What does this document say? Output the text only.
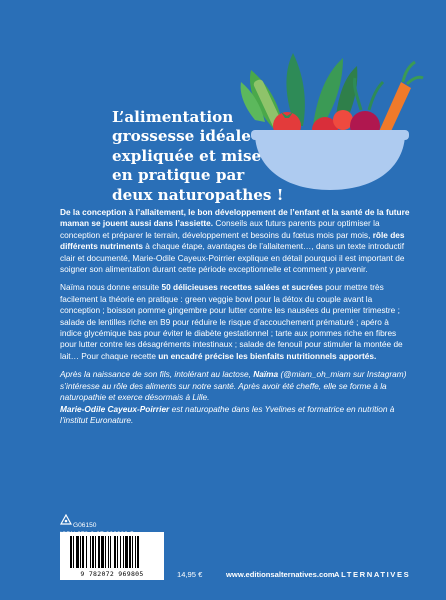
L’alimentation
grossesse idéale
expliquée et mise
en pratique par
deux naturopathes !

De la conception à l’allaitement, le bon développement de l’enfant et la santé de la future maman se jouent aussi dans l’assiette. Conseils aux futurs parents pour optimiser la conception et préparer le terrain, développement et besoins du fœtus mois par mois, rôle des différents nutriments à chaque étape, avantages de l’allaitement…, dans un texte introductif clair et documenté, Marie-Odile Cayeux-Poirrier explique en détail pourquoi il est important de soigner son alimentation durant cette période exceptionnelle et comment y parvenir.

Naïma nous donne ensuite 50 délicieuses recettes salées et sucrées pour mettre très facilement la théorie en pratique : green veggie bowl pour la détox du couple avant la conception ; boisson pomme gingembre pour lutter contre les nausées du premier trimestre ; salade de lentilles riche en B9 pour réduire le risque d’accouchement prématuré ; apéro à indice glycémique bas pour éviter le diabète gestationnel ; tarte aux pommes riche en fibres pour lutter contre les désagréments intestinaux ; salade de fenouil pour stimuler la montée de lait… Pour chaque recette un encadré précise les bienfaits nutritionnels apportés.

Après la naissance de son fils, intolérant au lactose, Naïma (@miam_oh_miam sur Instagram) s’intéresse au rôle des aliments sur notre santé. Après avoir été cheffe, elle se forme à la naturopathie et exerce désormais à Lille.
Marie-Odile Cayeux-Poirrier est naturopathe dans les Yvelines et formatrice en nutrition à l’institut Euronature.

G06150
9 782072 969805	14,95 €	www.editionsalternatives.com ALTERNATIVES
